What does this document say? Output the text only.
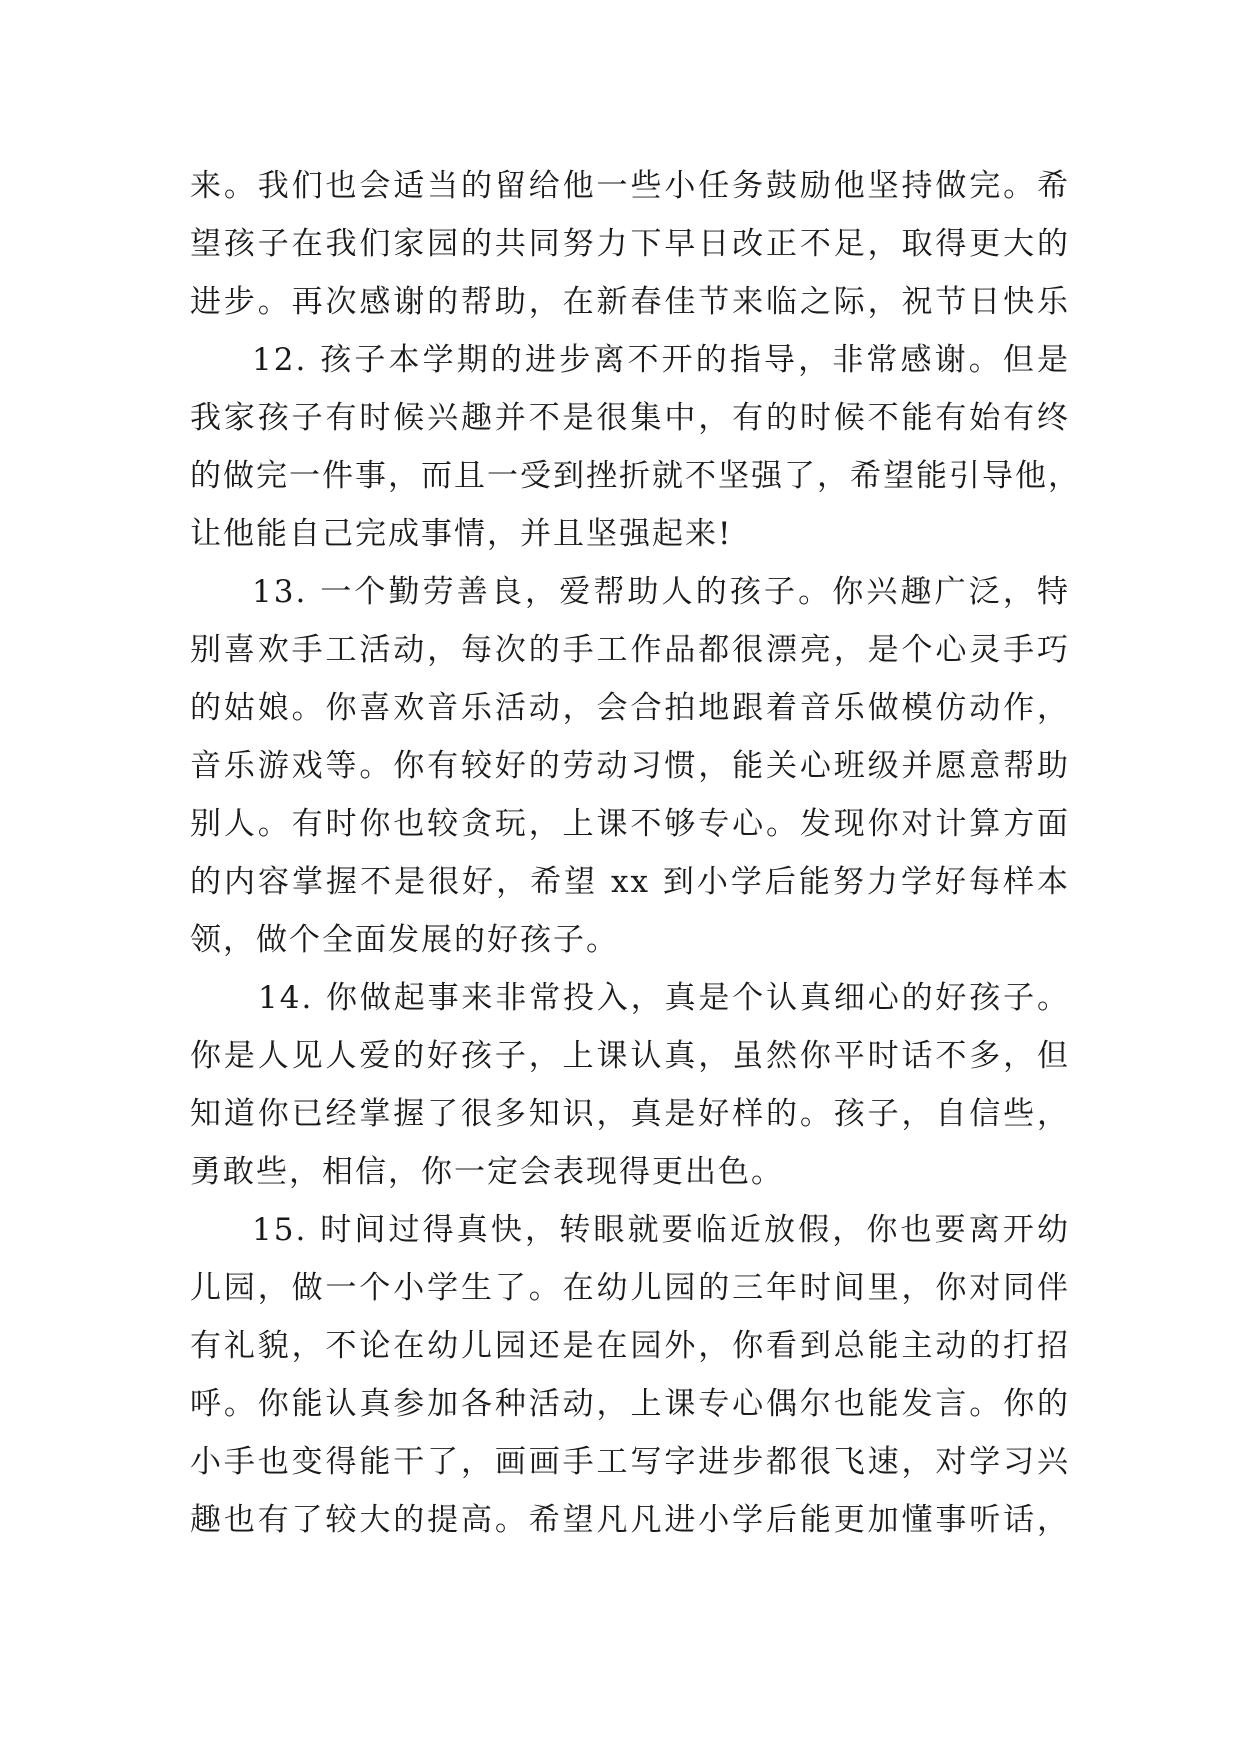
来。我们也会适当的留给他一些小任务鼓励他坚持做完。希
望孩子在我们家园的共同努力下早日改正不足，取得更大的
进步。再次感谢的帮助，在新春佳节来临之际，祝节日快乐
12. 孩子本学期的进步离不开的指导，非常感谢。但是
我家孩子有时候兴趣并不是很集中，有的时候不能有始有终
的做完一件事，而且一受到挫折就不坚强了，希望能引导他，
让他能自己完成事情，并且坚强起来!
13. 一个勤劳善良，爱帮助人的孩子。你兴趣广泛，特
别喜欢手工活动，每次的手工作品都很漂亮，是个心灵手巧
的姑娘。你喜欢音乐活动，会合拍地跟着音乐做模仿动作，
音乐游戏等。你有较好的劳动习惯，能关心班级并愿意帮助
别人。有时你也较贪玩，上课不够专心。发现你对计算方面
的内容掌握不是很好，希望 xx 到小学后能努力学好每样本
领，做个全面发展的好孩子。
14. 你做起事来非常投入，真是个认真细心的好孩子。
你是人见人爱的好孩子，上课认真，虽然你平时话不多，但
知道你已经掌握了很多知识，真是好样的。孩子，自信些，
勇敢些，相信，你一定会表现得更出色。
15. 时间过得真快，转眼就要临近放假，你也要离开幼
儿园，做一个小学生了。在幼儿园的三年时间里，你对同伴
有礼貌，不论在幼儿园还是在园外，你看到总能主动的打招
呼。你能认真参加各种活动，上课专心偶尔也能发言。你的
小手也变得能干了，画画手工写字进步都很飞速，对学习兴
趣也有了较大的提高。希望凡凡进小学后能更加懂事听话，
